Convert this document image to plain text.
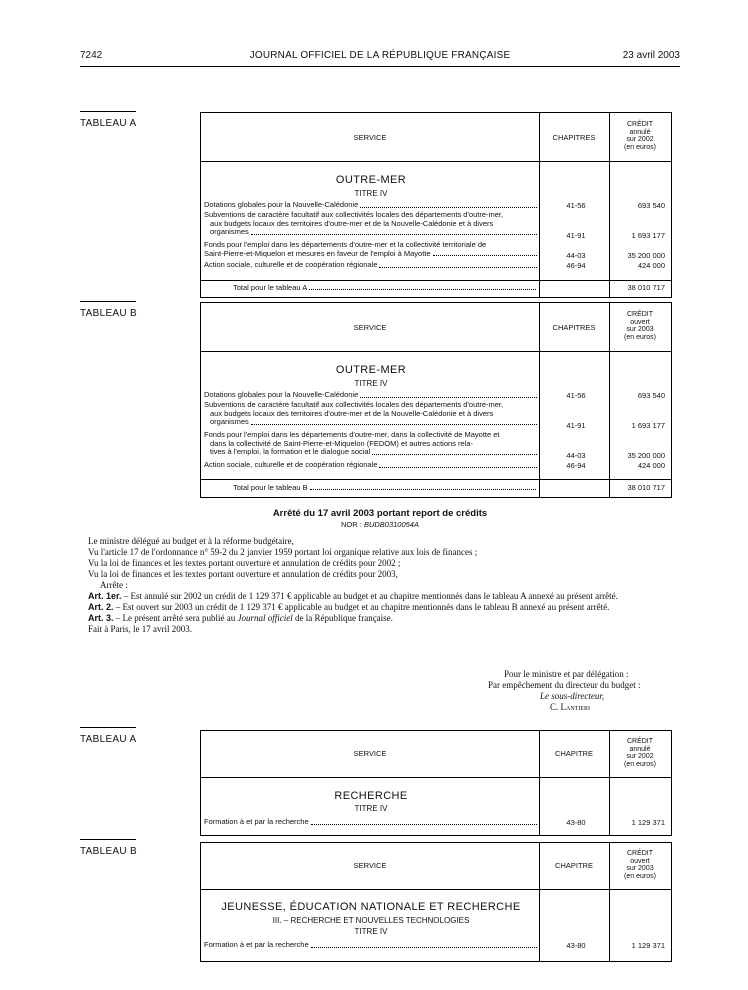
7242	JOURNAL OFFICIEL DE LA RÉPUBLIQUE FRANÇAISE	23 avril 2003
TABLEAU A
SERVICE	CHAPITRES
CRÉDIT
annulé
sur 2002
(en euros)
OUTRE-MER
TITRE IV
Dotations globales pour la Nouvelle-Calédonie	41-56	693 540
Subventions de caractère facultatif aux collectivités locales des départements d'outre-mer,
aux budgets locaux des territoires d'outre-mer et de la Nouvelle-Calédonie et à divers
organismes	41-91	1 693 177
Fonds pour l'emploi dans les départements d'outre-mer et la collectivité territoriale de
Saint-Pierre-et-Miquelon et mesures en faveur de l'emploi à Mayotte	44-03	35 200 000
Action sociale, culturelle et de coopération régionale	46-94	424 000
Total pour le tableau A	38 010 717
TABLEAU B
SERVICE	CHAPITRES
CRÉDIT
ouvert
sur 2003
(en euros)
OUTRE-MER
TITRE IV
Dotations globales pour la Nouvelle-Calédonie	41-56	693 540
Subventions de caractère facultatif aux collectivités locales des départements d'outre-mer,
aux budgets locaux des territoires d'outre-mer et de la Nouvelle-Calédonie et à divers
organismes	41-91	1 693 177
Fonds pour l'emploi dans les départements d'outre-mer, dans la collectivité de Mayotte et
dans la collectivité de Saint-Pierre-et-Miquelon (FEDOM) et autres actions rela-
tives à l'emploi, la formation et le dialogue social	44-03	35 200 000
Action sociale, culturelle et de coopération régionale	46-94	424 000
Total pour le tableau B	38 010 717
Arrêté du 17 avril 2003 portant report de crédits
NOR : BUDB0310054A

Le ministre délégué au budget et à la réforme budgétaire,

Vu l'article 17 de l'ordonnance n° 59-2 du 2 janvier 1959 portant loi organique relative aux lois de finances ;

Vu la loi de finances et les textes portant ouverture et annulation de crédits pour 2002 ;

Vu la loi de finances et les textes portant ouverture et annulation de crédits pour 2003,

Arrête :

Art. 1er. – Est annulé sur 2002 un crédit de 1 129 371 € applicable au budget et au chapitre mentionnés dans le tableau A annexé au présent arrêté.

Art. 2. – Est ouvert sur 2003 un crédit de 1 129 371 € applicable au budget et au chapitre mentionnés dans le tableau B annexé au présent arrêté.

Art. 3. – Le présent arrêté sera publié au Journal officiel de la République française.

Fait à Paris, le 17 avril 2003.

Pour le ministre et par délégation :
Par empêchement du directeur du budget :
Le sous-directeur,
C. Lantieri
TABLEAU A
SERVICE	CHAPITRE
CRÉDIT
annulé
sur 2002
(en euros)
RECHERCHE
TITRE IV
Formation à et par la recherche	43-80	1 129 371
TABLEAU B
SERVICE	CHAPITRE
CRÉDIT
ouvert
sur 2003
(en euros)
JEUNESSE, ÉDUCATION NATIONALE ET RECHERCHE
III. – RECHERCHE ET NOUVELLES TECHNOLOGIES
TITRE IV
Formation à et par la recherche	43-80	1 129 371
